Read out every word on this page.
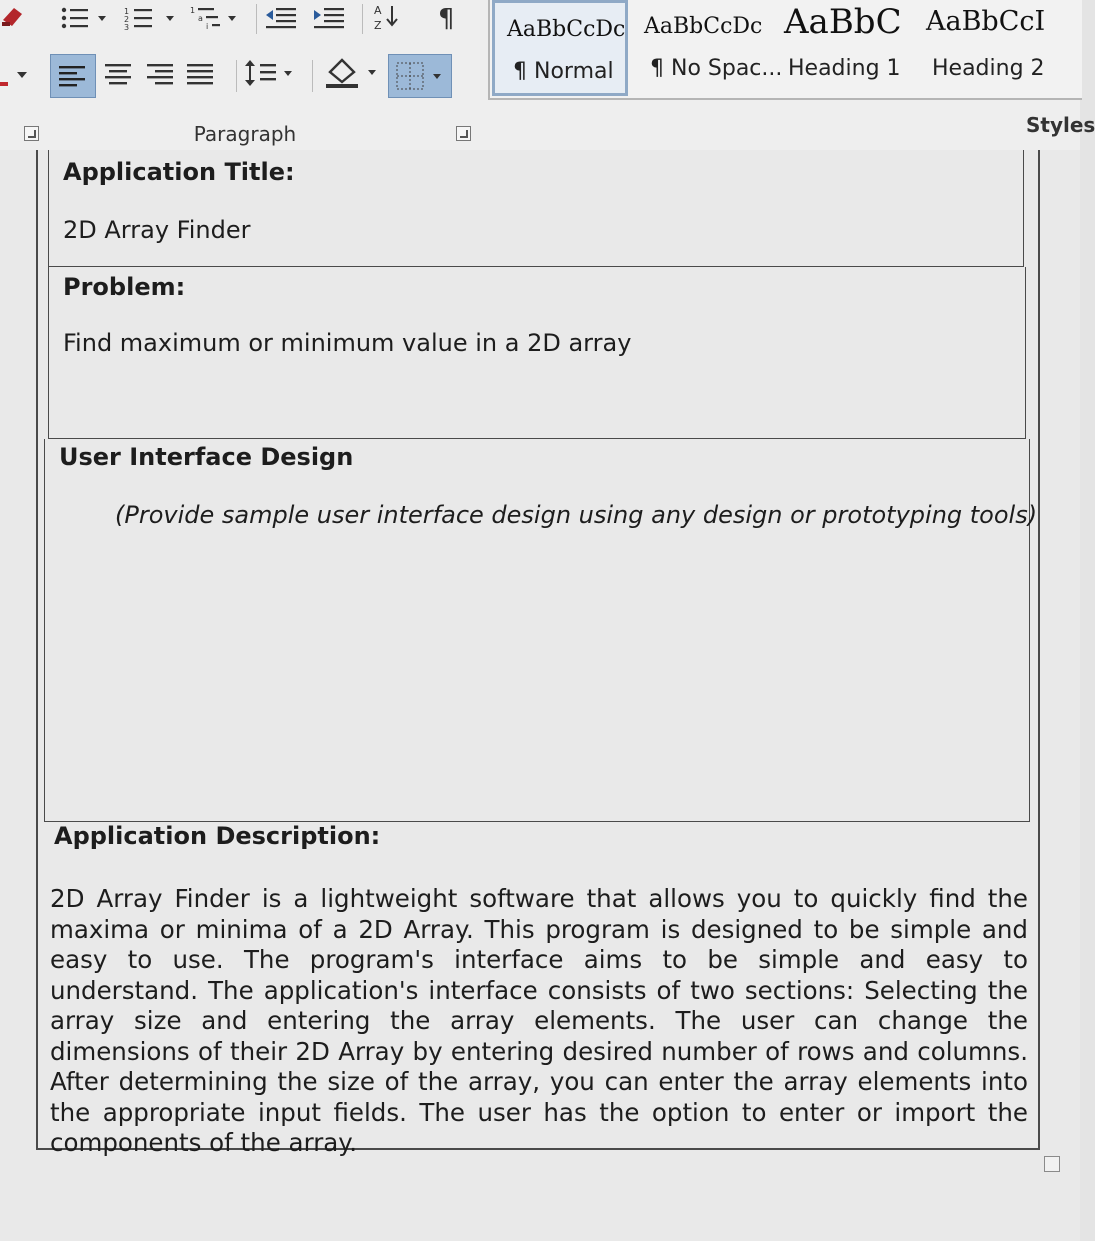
1
2
3
1
a
i
A
Z ¶
Paragraph
AaBbCcDc
¶ Normal
AaBbCcDc
¶ No Spac...
AaBbC
Heading 1
AaBbCcI
Heading 2
Styles
Application Title:
2D Array Finder
Problem:
Find maximum or minimum value in a 2D array
User Interface Design
(Provide sample user interface design using any design or prototyping tools)
Application Description:
2D Array Finder is a lightweight software that allows you to quickly find the maxima or minima of a 2D Array. This program is designed to be simple and easy to use. The program's interface aims to be simple and easy to understand. The application's interface consists of two sections: Selecting the array size and entering the array elements. The user can change the dimensions of their 2D Array by entering desired number of rows and columns. After determining the size of the array, you can enter the array elements into the appropriate input fields. The user has the option to enter or import the components of the array.
